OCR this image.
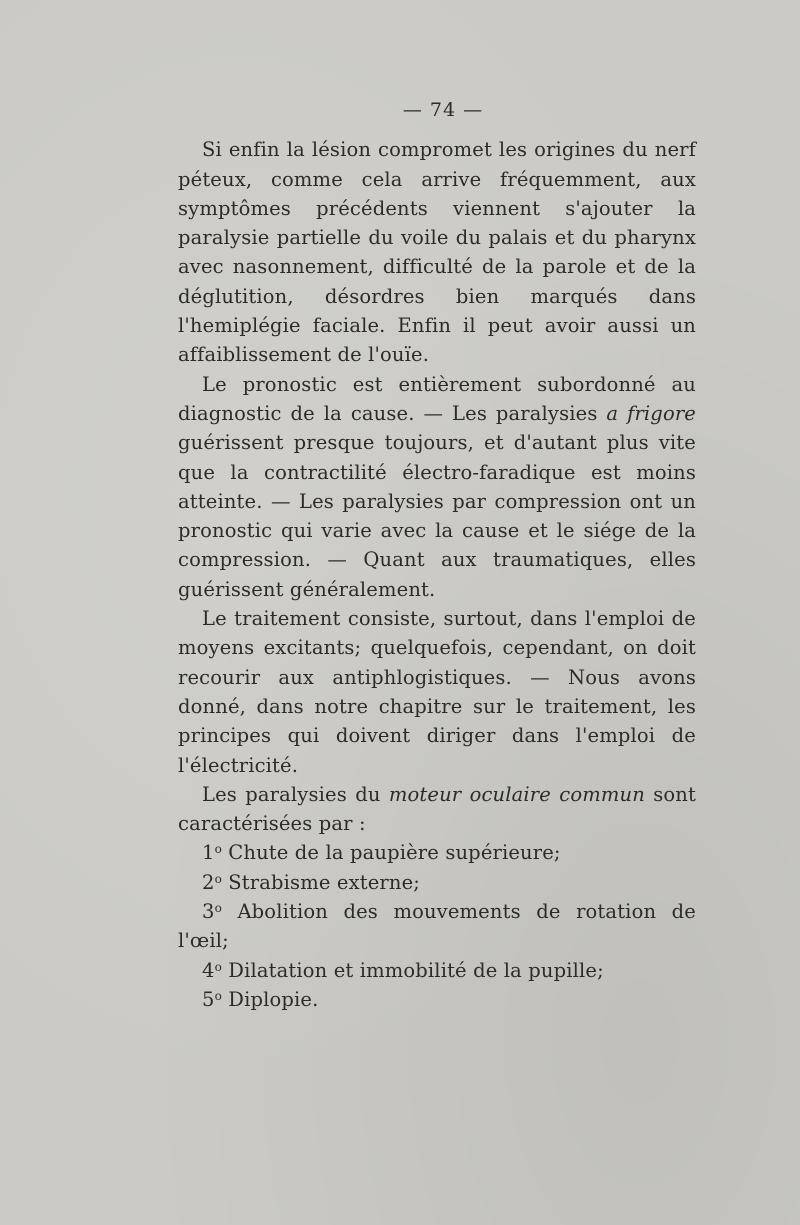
— 74 —

Si enfin la lésion compromet les origines du nerf péteux, comme cela arrive fréquemment, aux symptômes précédents viennent s'ajouter la paralysie partielle du voile du palais et du pharynx avec nasonnement, difficulté de la parole et de la déglutition, désordres bien marqués dans l'hemiplégie faciale. Enfin il peut avoir aussi un affaiblissement de l'ouïe.

Le pronostic est entièrement subordonné au diagnostic de la cause. — Les paralysies a frigore guérissent presque toujours, et d'autant plus vite que la contractilité électro-faradique est moins atteinte. — Les paralysies par compression ont un pronostic qui varie avec la cause et le siége de la compression. — Quant aux traumatiques, elles guérissent généralement.

Le traitement consiste, surtout, dans l'emploi de moyens excitants; quelquefois, cependant, on doit recourir aux antiphlogistiques. — Nous avons donné, dans notre chapitre sur le traitement, les principes qui doivent diriger dans l'emploi de l'électricité.

Les paralysies du moteur oculaire commun sont caractérisées par :

1$^o$ Chute de la paupière supérieure;
2$^o$ Strabisme externe;
3$^o$ Abolition des mouvements de rotation de l'œil;
4$^o$ Dilatation et immobilité de la pupille;
5$^o$ Diplopie.
